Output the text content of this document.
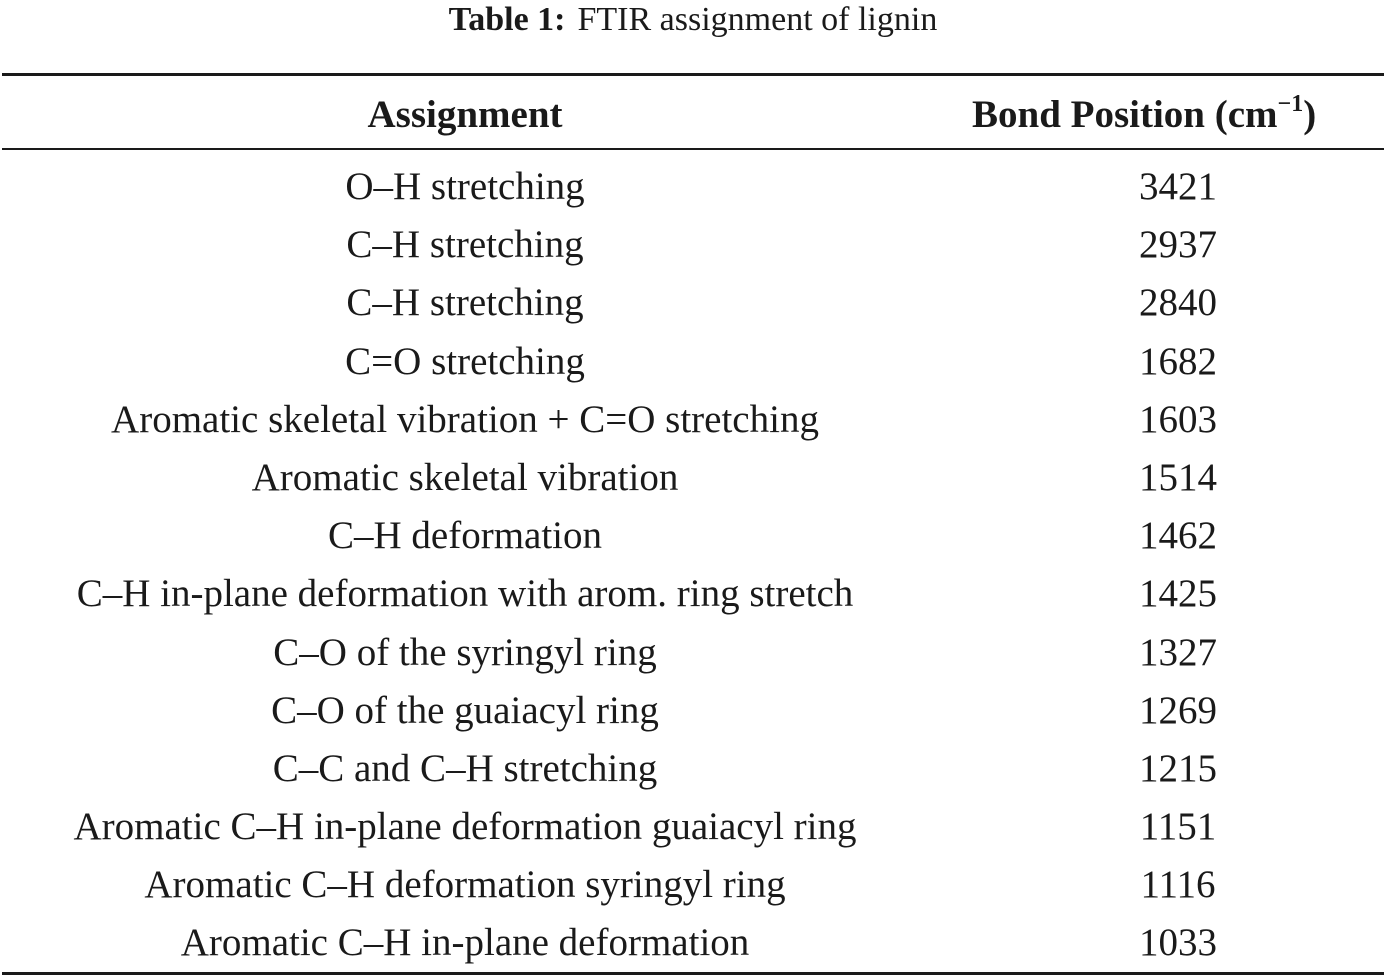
Table 1: FTIR assignment of lignin
Assignment	Bond Position $(cm^{-1})$
O–H stretching	3421
C–H stretching	2937
C–H stretching	2840
C=O stretching	1682
Aromatic skeletal vibration + C=O stretching	1603
Aromatic skeletal vibration	1514
C–H deformation	1462
C–H in-plane deformation with arom. ring stretch	1425
C–O of the syringyl ring	1327
C–O of the guaiacyl ring	1269
C–C and C–H stretching	1215
Aromatic C–H in-plane deformation guaiacyl ring	1151
Aromatic C–H deformation syringyl ring	1116
Aromatic C–H in-plane deformation	1033
